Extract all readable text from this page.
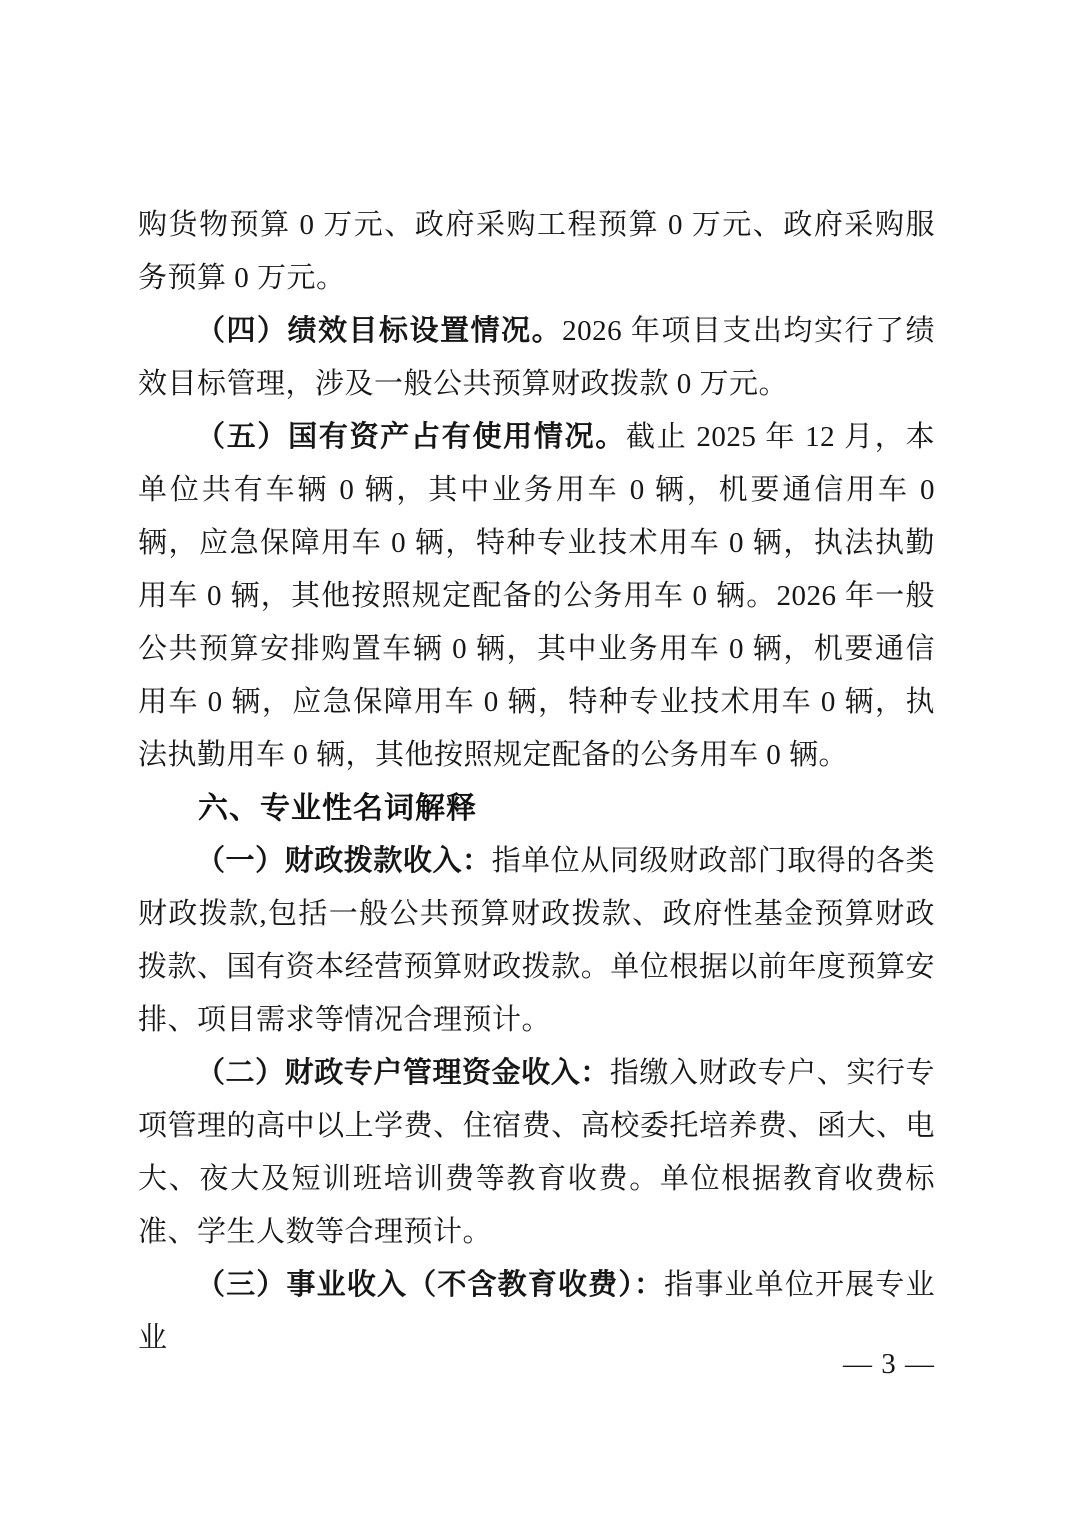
购货物预算 0 万元、政府采购工程预算 0 万元、政府采购服务预算 0 万元。

（四）绩效目标设置情况。2026 年项目支出均实行了绩效目标管理，涉及一般公共预算财政拨款 0 万元。

（五）国有资产占有使用情况。截止 2025 年 12 月，本单位共有车辆 0 辆，其中业务用车 0 辆，机要通信用车 0 辆，应急保障用车 0 辆，特种专业技术用车 0 辆，执法执勤用车 0 辆，其他按照规定配备的公务用车 0 辆。2026 年一般公共预算安排购置车辆 0 辆，其中业务用车 0 辆，机要通信用车 0 辆，应急保障用车 0 辆，特种专业技术用车 0 辆，执法执勤用车 0 辆，其他按照规定配备的公务用车 0 辆。

六、专业性名词解释

（一）财政拨款收入：指单位从同级财政部门取得的各类财政拨款,包括一般公共预算财政拨款、政府性基金预算财政拨款、国有资本经营预算财政拨款。单位根据以前年度预算安排、项目需求等情况合理预计。

（二）财政专户管理资金收入：指缴入财政专户、实行专项管理的高中以上学费、住宿费、高校委托培养费、函大、电大、夜大及短训班培训费等教育收费。单位根据教育收费标准、学生人数等合理预计。

（三）事业收入（不含教育收费）：指事业单位开展专业业

— 3 —
